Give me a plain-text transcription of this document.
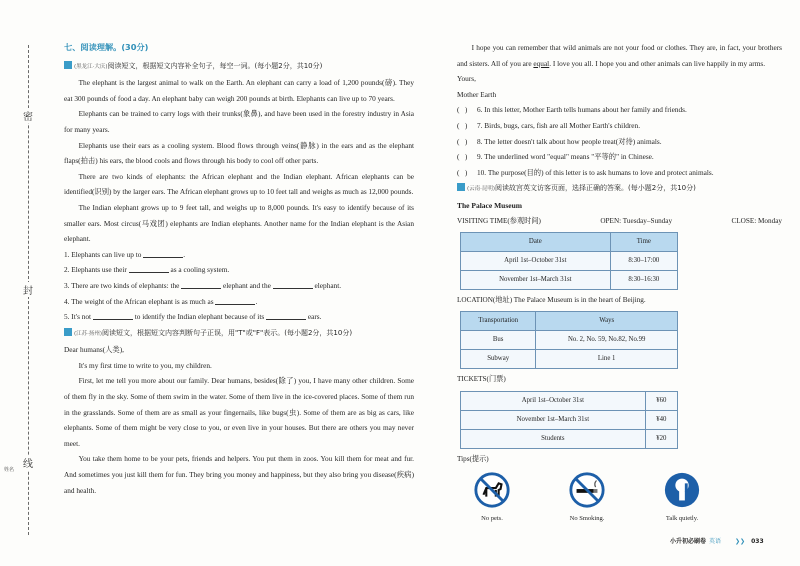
密
封
线
姓名
七、阅读理解。(30分)

(黑龙江·大庆)阅读短文，根据短文内容补全句子，每空一词。(每小题2分，共10分)

The elephant is the largest animal to walk on the Earth. An elephant can carry a load of 1,200 pounds(磅). They eat 300 pounds of food a day. An elephant baby can weigh 200 pounds at birth. Elephants can live up to 70 years.

Elephants can be trained to carry logs with their trunks(象鼻), and have been used in the forestry industry in Asia for many years.

Elephants use their ears as a cooling system. Blood flows through veins(静脉) in the ears and as the elephant flaps(拍击) his ears, the blood cools and flows through his body to cool off other parts.

There are two kinds of elephants: the African elephant and the Indian elephant. African elephants can be identified(识别) by the larger ears. The African elephant grows up to 10 feet tall and weighs as much as 12,000 pounds.

The Indian elephant grows up to 9 feet tall, and weighs up to 8,000 pounds. It's easy to identify because of its smaller ears. Most circus(马戏团) elephants are Indian elephants. Another name for the Indian elephant is the Asian elephant.

1. Elephants can live up to	.

2. Elephants use their	as a cooling system.

3. There are two kinds of elephants: the	elephant and the	elephant.

4. The weight of the African elephant is as much as	.

5. It's not	to identify the Indian elephant because of its	ears.

(江苏·扬州)阅读短文，根据短文内容判断句子正误，用"T"或"F"表示。(每小题2分，共10分)

Dear humans(人类),

It's my first time to write to you, my children.

First, let me tell you more about our family. Dear humans, besides(除了) you, I have many other children. Some of them fly in the sky. Some of them swim in the water. Some of them live in the ice-covered places. Some of them run in the grasslands. Some of them are as small as your fingernails, like bugs(虫). Some of them are as big as cars, like elephants. Some of them might be very close to you, or even live in your houses. But there are others you may never meet.

You take them home to be your pets, friends and helpers. You put them in zoos. You kill them for meat and fur. And sometimes you just kill them for fun. They bring you money and happiness, but they also bring you disease(疾病) and health.

I hope you can remember that wild animals are not your food or clothes. They are, in fact, your brothers and sisters. All of you are equal. I love you all. I hope you and other animals can live happily in my arms.

Yours,

Mother Earth

(   ) 6. In this letter, Mother Earth tells humans about her family and friends.

(   ) 7. Birds, bugs, cars, fish are all Mother Earth's children.

(   ) 8. The letter doesn't talk about how people treat(对待) animals.

(   ) 9. The underlined word "equal" means "平等的" in Chinese.

(   ) 10. The purpose(目的) of this letter is to ask humans to love and protect animals.

(云南·昆明)阅读故宫英文访客页面，选择正确的答案。(每小题2分，共10分)

The Palace Museum

VISITING TIME(参观时间)	OPEN: Tuesday–Sunday	CLOSE: Monday
Date	Time
April 1st–October 31st	8:30–17:00
November 1st–March 31st	8:30–16:30

LOCATION(地址) The Palace Museum is in the heart of Beijing.

Transportation	Ways
Bus	No. 2, No. 59, No.82, No.99
Subway	Line 1

TICKETS(门票)

April 1st–October 31st	¥60
November 1st–March 31st	¥40
Students	¥20

Tips(提示)

No pets.	No Smoking.	Talk quietly.
小升初必刷卷 英语 ❯❯ 033
